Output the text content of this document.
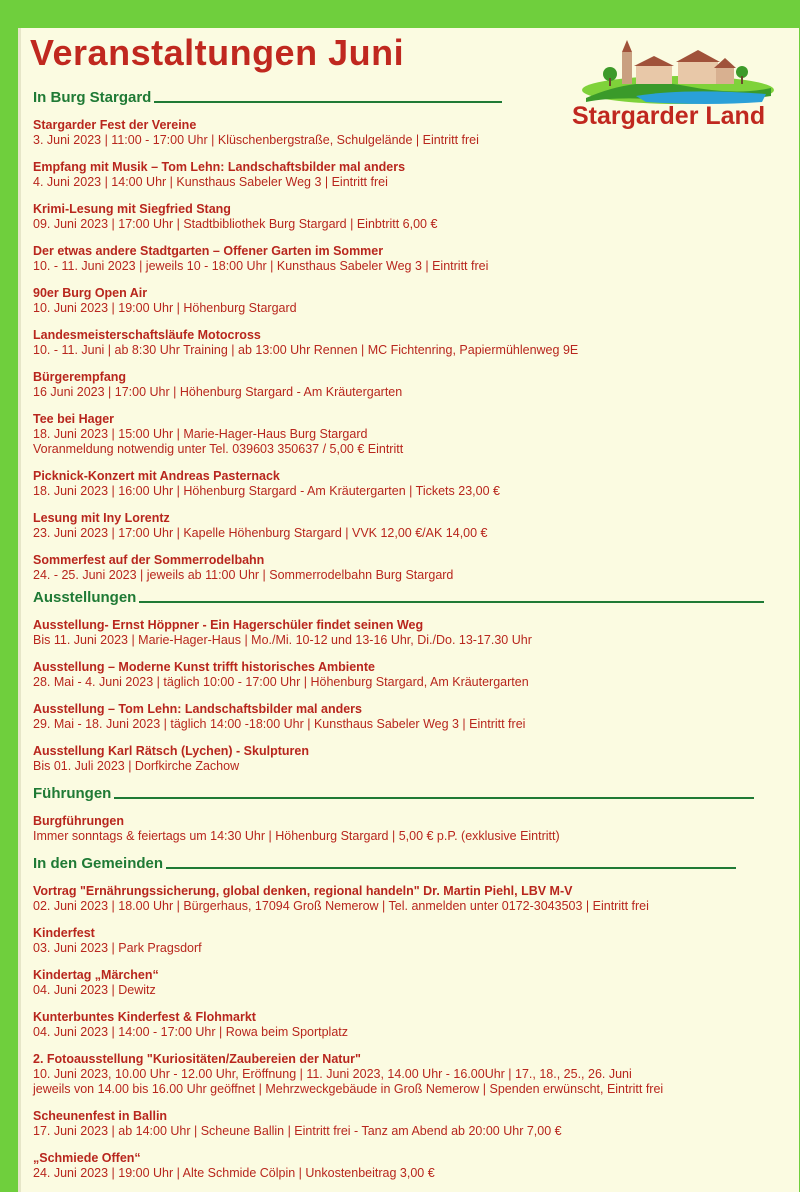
Veranstaltungen Juni
Stargarder Land
In Burg Stargard
Stargarder Fest der Vereine
3. Juni 2023 | 11:00 - 17:00 Uhr | Klüschenbergstraße, Schulgelände | Eintritt frei
Empfang mit Musik – Tom Lehn: Landschaftsbilder mal anders
4. Juni 2023 | 14:00 Uhr | Kunsthaus Sabeler Weg 3 | Eintritt frei
Krimi-Lesung mit Siegfried Stang
09. Juni 2023 | 17:00 Uhr | Stadtbibliothek Burg Stargard | Einbtritt 6,00 €
Der etwas andere Stadtgarten – Offener Garten im Sommer
10. - 11. Juni 2023 | jeweils 10 - 18:00 Uhr | Kunsthaus Sabeler Weg 3 | Eintritt frei
90er Burg Open Air
10. Juni 2023 | 19:00 Uhr | Höhenburg Stargard
Landesmeisterschaftsläufe Motocross
10. - 11. Juni | ab 8:30 Uhr Training | ab 13:00 Uhr Rennen | MC Fichtenring, Papiermühlenweg 9E
Bürgerempfang
16 Juni 2023 | 17:00 Uhr | Höhenburg Stargard - Am Kräutergarten
Tee bei Hager
18. Juni 2023 | 15:00 Uhr | Marie-Hager-Haus Burg Stargard
Voranmeldung notwendig unter Tel. 039603 350637 / 5,00 € Eintritt
Picknick-Konzert mit Andreas Pasternack
18. Juni 2023 | 16:00 Uhr | Höhenburg Stargard - Am Kräutergarten | Tickets 23,00 €
Lesung mit Iny Lorentz
23. Juni 2023 | 17:00 Uhr | Kapelle Höhenburg Stargard | VVK 12,00 €/AK 14,00 €
Sommerfest auf der Sommerrodelbahn
24. - 25. Juni 2023 | jeweils ab 11:00 Uhr | Sommerrodelbahn Burg Stargard
Ausstellungen
Ausstellung- Ernst Höppner - Ein Hagerschüler findet seinen Weg
Bis 11. Juni 2023 | Marie-Hager-Haus | Mo./Mi. 10-12 und 13-16 Uhr, Di./Do. 13-17.30 Uhr
Ausstellung – Moderne Kunst trifft historisches Ambiente
28. Mai - 4. Juni 2023 | täglich 10:00 - 17:00 Uhr | Höhenburg Stargard, Am Kräutergarten
Ausstellung – Tom Lehn: Landschaftsbilder mal anders
29. Mai - 18. Juni 2023 | täglich 14:00 -18:00 Uhr | Kunsthaus Sabeler Weg 3 | Eintritt frei
Ausstellung Karl Rätsch (Lychen) - Skulpturen
Bis 01. Juli 2023 | Dorfkirche Zachow
Führungen
Burgführungen
Immer sonntags & feiertags um 14:30 Uhr | Höhenburg Stargard | 5,00 € p.P. (exklusive Eintritt)
In den Gemeinden
Vortrag "Ernährungssicherung, global denken, regional handeln" Dr. Martin Piehl, LBV M-V
02. Juni 2023 | 18.00 Uhr | Bürgerhaus, 17094 Groß Nemerow | Tel. anmelden unter 0172-3043503 | Eintritt frei
Kinderfest
03. Juni 2023 | Park Pragsdorf
Kindertag „Märchen“
04. Juni 2023 | Dewitz
Kunterbuntes Kinderfest & Flohmarkt
04. Juni 2023 | 14:00 - 17:00 Uhr | Rowa beim Sportplatz
2. Fotoausstellung "Kuriositäten/Zaubereien der Natur"
10. Juni 2023, 10.00 Uhr - 12.00 Uhr, Eröffnung | 11. Juni 2023, 14.00 Uhr - 16.00Uhr | 17., 18., 25., 26. Juni
jeweils von 14.00 bis 16.00 Uhr geöffnet | Mehrzweckgebäude in Groß Nemerow | Spenden erwünscht, Eintritt frei
Scheunenfest in Ballin
17. Juni 2023 | ab 14:00 Uhr | Scheune Ballin | Eintritt frei - Tanz am Abend ab 20:00 Uhr 7,00 €
„Schmiede Offen“
24. Juni 2023 | 19:00 Uhr | Alte Schmide Cölpin | Unkostenbeitrag 3,00 €
